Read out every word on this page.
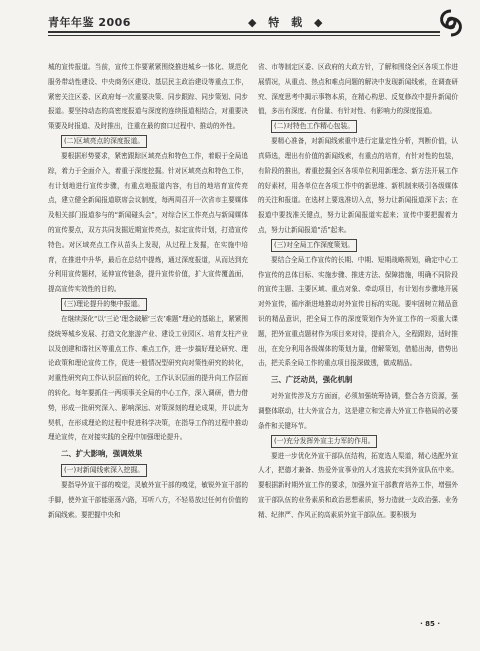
青年年鉴 2006	◆ 特 载 ◆

城的宣传报道。当前，宣传工作要紧紧围绕推进城乡一体化、规范化服务带动性建设、中央商务区建设、基层民主政治建设等重点工作，紧密关注区委、区政府每一次重要决策、同步跟踪、同步策划、同步报道。要坚持动态的高密度报道与深度的连续报道相结合，对重要决策要及时报道、及时推出，注重在最的窗口过程中、推动的外性。

(二)区域亮点的深度报道。

要根据形势要求，紧密跟踪区域亮点和特色工作，着眼于全局追踪，着力于全面介入，着重于深度挖掘。针对区域亮点和特色工作，有计划地进行宣传步骤，有重点地报道内容，有目的地培育宣传亮点，建立健全新闻报道联席会议制度，每两周召开一次省市主要媒体及相关部门报道参与的“新闻碰头会”，对综合区工作亮点与新闻媒体的宣传要点，双方共同发掘近期宣传亮点，拟定宣传计划，打造宣传特色。对区域亮点工作从苗头上发现，从过程上发掘，在实施中培育，在推进中升华，最后在总结中提炼，通过深度报道，从而达到充分利用宣传题材，延伸宣传链条，提升宣传价值，扩大宣传覆盖面，提高宣传实效性的目的。

(三)理论提升的集中报道。

在继续深化“以‘三论’理念破解‘三农’难题”理论的基础上，紧紧围绕统筹城乡发展、打造文化旅游产业、建设工业园区、培育支柱产业以及创建和谐社区等重点工作、难点工作，进一步搞好理论研究、理论政策和理论宣传工作，促进一般情况型研究向对策性研究的转化，对重性研究向工作认识层面的转化，工作认识层面的提升向工作层面的转化。每年要抓住一两项事关全局的中心工作，深入调研，借力借势，形成一批研究深入、影响深远、对策深刻的理论成果，并以此为契机，在形成理论的过程中促进科学决策，在指导工作的过程中推动理论宣传，在对接实践的全程中加强理论提升。

二、扩大影响，强调效果
(一)对新闻线索深入挖掘。

要指导外宣干部的嗅觉，灵敏外宣干部的嗅觉，敏锐外宣干部的手脚，使外宣干部能驱荡六路，耳听八方，不轻易放过任何有价值的新闻线索。要把握中央和

省、市等制定区委、区政府的大政方针，了解和围绕全区各项工作进展情况，从重点、热点和难点问题的解决中发现新闻线索，在调查研究、深度思考中揭示事物本质，在精心构思、反复修改中提升新闻价值，多出有深度、有份量、有针对性、有影响力的深度报道。

(二)对特色工作精心包装。

要精心准备，对新闻线索重中进行定量定性分析，判断价值，认真筛选，理出有价值的新闻线索，有重点的培育，有针对性的包装，有阶段的推出，着重挖掘全区各项单位利用新理念、新方法开展工作的好素材，用各单位在各项工作中的新思维、新机制来吸引各级媒体的关注和报道。在选材上要选准切入点，努力让新闻报道深下去；在报道中要找准关键点，努力让新闻报道实起来；宣传中要把握着力点，努力让新闻报道“活”起来。

(三)对全局工作深度策划。

要结合全局工作宣传的长期、中期、短期战略规划，确定中心工作宣传的总体目标、实施步骤、推进方法、保障措施，明确不同阶段的宣传主题、主要区域、重点对象、牵动项目，有计划有步骤地开展对外宣传，循序渐进地推动对外宣传目标的实现。要牢固树立精品意识的精品意识，把全局工作的深度策划作为外宣工作的一项重大课题，把外宣重点题材作为项目来对待，提前介入，全程跟踪，适时推出，在充分利用各级媒体的策划力量，借解策划，借船出海，借势出击，把关系全局工作的重点项目报深做透，做成精品。

三、广泛动员，强化机制

对外宣传涉及方方面面，必须加强统筹协调，整合各方资源，强调整体联动，壮大外宣合力，这是建立和完善大外宣工作格局的必要条件和关键环节。

(一)充分发挥外宣主力军的作用。

要进一步优化外宣干部队伍结构，拓宽选人渠道，精心选配外宣人才，把德才兼备、热爱外宣事业的人才选拔充实到外宣队伍中来。要根据新时期外宣工作的要求，加强外宣干部教育培养工作，增强外宣干部队伍的业务素质和政治思想素质，努力造就一支政治强、业务精、纪律严、作风正的高素质外宣干部队伍。要积极为

· 85 ·
